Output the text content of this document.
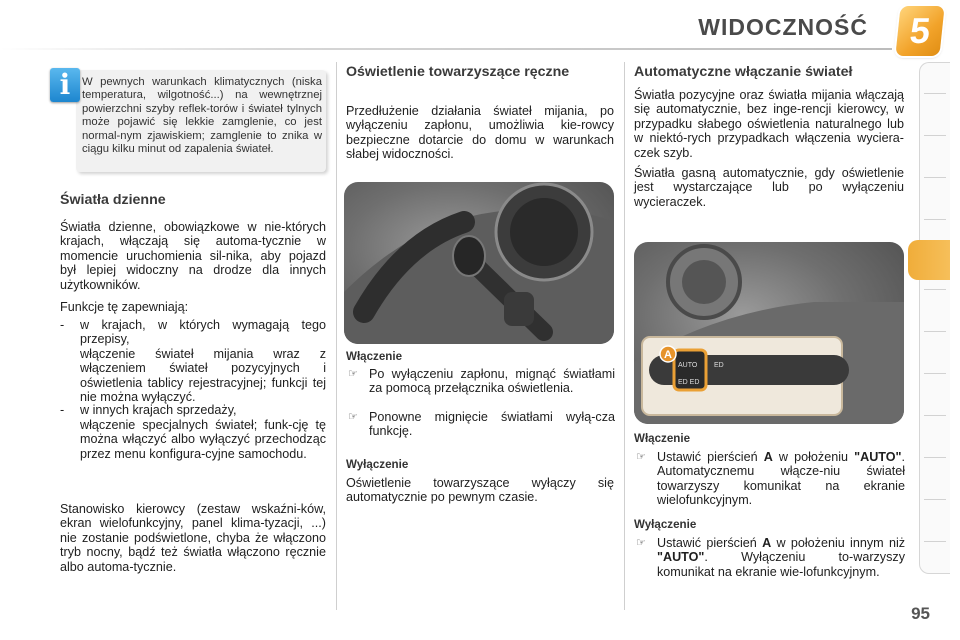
WIDOCZNOŚĆ	5
i	W pewnych warunkach klimatycznych (niska temperatura, wilgotność...) na wewnętrznej powierzchni szyby reflek-torów i świateł tylnych może pojawić się lekkie zamglenie, co jest normal-nym zjawiskiem; zamglenie to znika w ciągu kilku minut od zapalenia świateł.
Światła dzienne
Światła dzienne, obowiązkowe w nie-których krajach, włączają się automa-tycznie w momencie uruchomienia sil-nika, aby pojazd był lepiej widoczny na drodze dla innych użytkowników.
Funkcje tę zapewniają:
- w krajach, w których wymagają tego przepisy,
włączenie świateł mijania wraz z włączeniem świateł pozycyjnych i oświetlenia tablicy rejestracyjnej; funkcji tej nie można wyłączyć.
- w innych krajach sprzedaży,
włączenie specjalnych świateł; funk-cję tę można włączyć albo wyłączyć przechodząc przez menu konfigura-cyjne samochodu.
Stanowisko kierowcy (zestaw wskaźni-ków, ekran wielofunkcyjny, panel klima-tyzacji, ...) nie zostanie podświetlone, chyba że włączono tryb nocny, bądź też światła włączono ręcznie albo automa-tycznie.
Oświetlenie towarzyszące ręczne
Przedłużenie działania świateł mijania, po wyłączeniu zapłonu, umożliwia kie-rowcy bezpieczne dotarcie do domu w warunkach słabej widoczności.
Włączenie
☞ Po wyłączeniu zapłonu, mignąć światłami za pomocą przełącznika oświetlenia.
☞ Ponowne mignięcie światłami wyłą-cza funkcję.
Wyłączenie
Oświetlenie towarzyszące wyłączy się automatycznie po pewnym czasie.
Automatyczne włączanie świateł
Światła pozycyjne oraz światła mijania włączają się automatycznie, bez inge-rencji kierowcy, w przypadku słabego oświetlenia naturalnego lub w niektó-rych przypadkach włączenia wyciera-czek szyb.
Światła gasną automatycznie, gdy oświetlenie jest wystarczające lub po wyłączeniu wycieraczek.
A
AUTO ED
ED ED
Włączenie
☞ Ustawić pierścień A w położeniu "AUTO". Automatycznemu włącze-niu świateł towarzyszy komunikat na ekranie wielofunkcyjnym.
Wyłączenie
☞ Ustawić pierścień A w położeniu innym niż "AUTO". Wyłączeniu to-warzyszy komunikat na ekranie wie-lofunkcyjnym.
95
